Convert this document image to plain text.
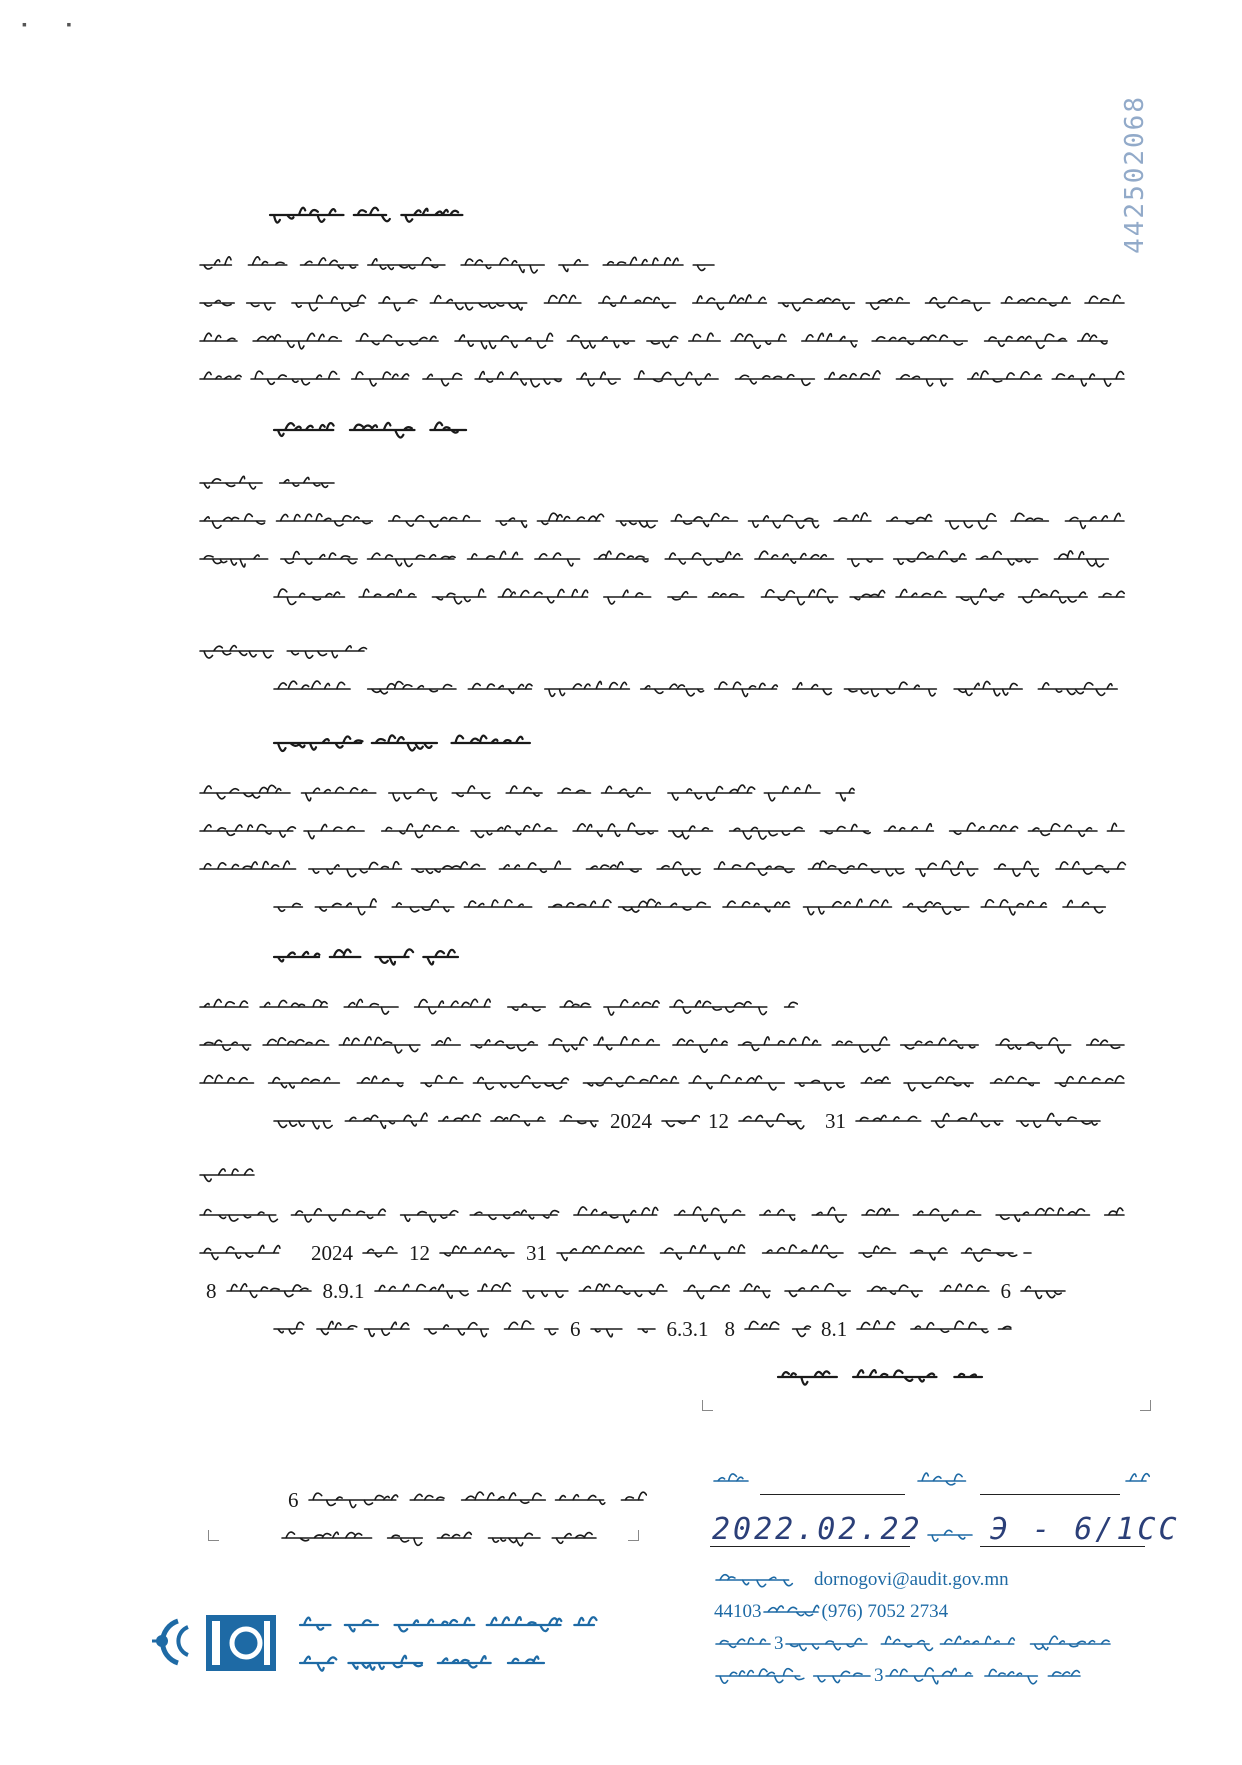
▪ ▪
442502068
2024	12	31
2024	12	31
8	8.9.1	6
6	6.3.1 8	8.1
6
2022.02.22 Э - 6/1CC
dornogovi@audit.gov.mn
44103	(976) 7052 2734
3
3
